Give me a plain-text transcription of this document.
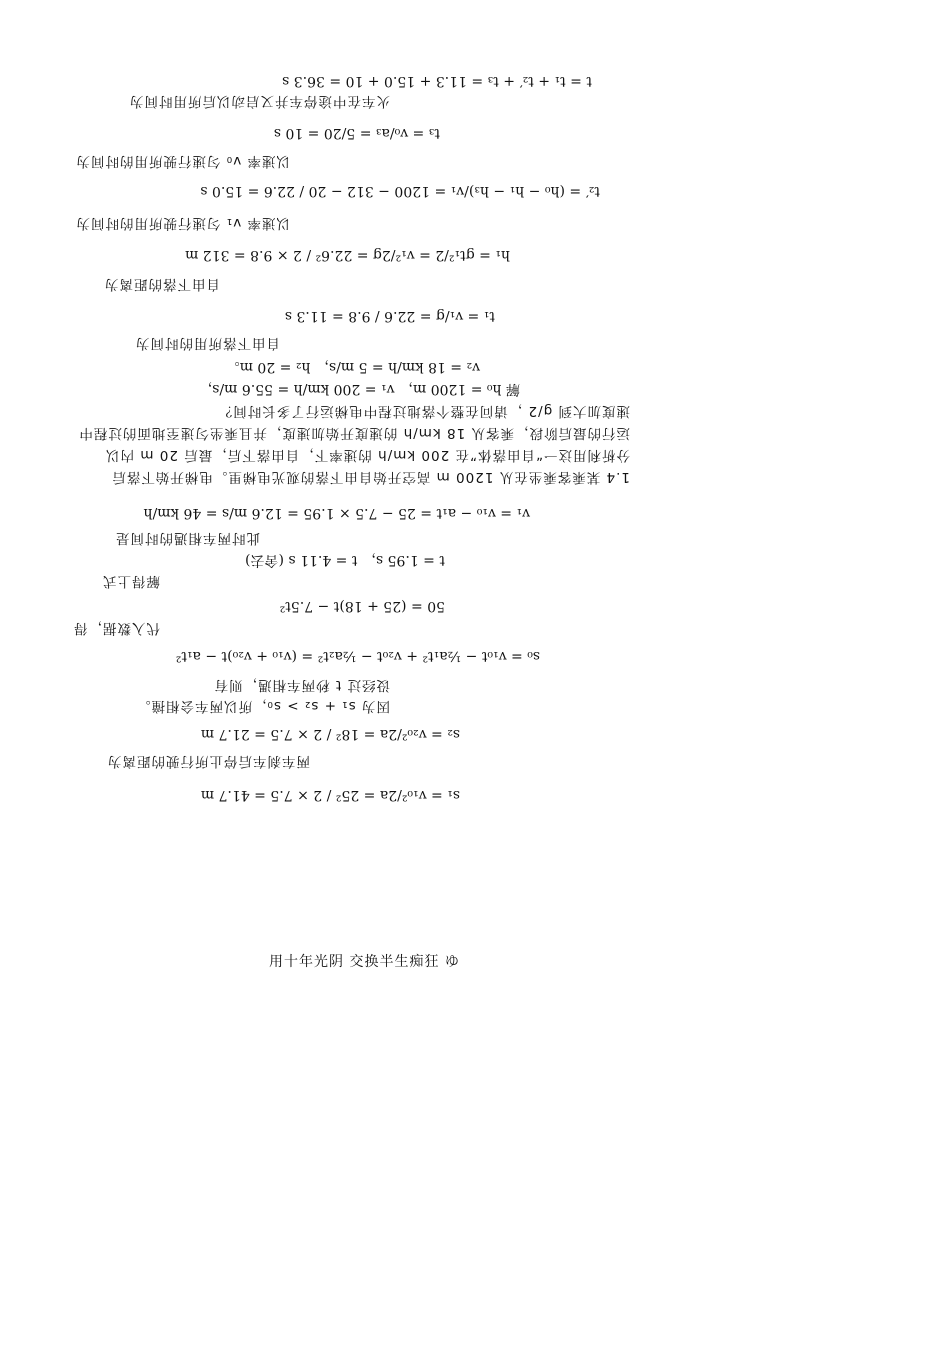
t = t₁ + t₂′ + t₃ = 11.3 + 15.0 + 10 = 36.3 s
火车在中途停车并又启动以后所用时间为
t₃ = v₀/a₃ = 5/20 = 10 s
以速率 v₀ 匀速行驶所用的时间为
t₂′ = (h₀ − h₁ − h₃)/v₁ = 1200 − 312 − 20 / 22.6 = 15.0 s
以速率 v₁ 匀速行驶所用的时间为
h₁ = gt₁²/2 = v₁²/2g = 22.6² / 2 × 9.8 = 312 m
自由下落的距离为
t₁ = v₁/g = 22.6 / 9.8 = 11.3 s
自由下落所用的时间为
v₂ = 18 km/h = 5 m/s， h₂ = 20 m。
解 h₀ = 1200 m， v₁ = 200 km/h = 55.6 m/s，
速度加大到 g/2 ，请问在整个落地过程中电梯运行了多长时间？
运行的最后阶段，乘客从 18 km/h 的速度开始加速度，并且乘坐匀速至地面的过程中
分析利用这一“自由落体”在 200 km/h 的速率下，自由落下后，最后 20 m 内以
1.4 某乘客乘坐在从 1200 m 高空开始自由下落的观光电梯里。电梯开始下落后
v₁ = v₁₀ − a₁t = 25 − 7.5 × 1.95 = 12.6 m/s = 46 km/h
此时两车相遇的时间是
t = 1.95 s， t = 4.11 s (舍去)
解得上式
50 = (25 + 18)t − 7.5t²
代入数据，得
s₀ = v₁₀t − ½a₁t² + v₂₀t − ½a₂t² = (v₁₀ + v₂₀)t − a₁t²
设经过 t 秒两车相遇，则有
因为 s₁ + s₂ > s₀，所以两车会相撞。
s₂ = v₂₀²/2a = 18² / 2 × 7.5 = 21.7 m
两车刹车后停止所行驶的距离为
s₁ = v₁₀²/2a = 25² / 2 × 7.5 = 41.7 m
用十年光阴 交换半生痴狂 ゆ
